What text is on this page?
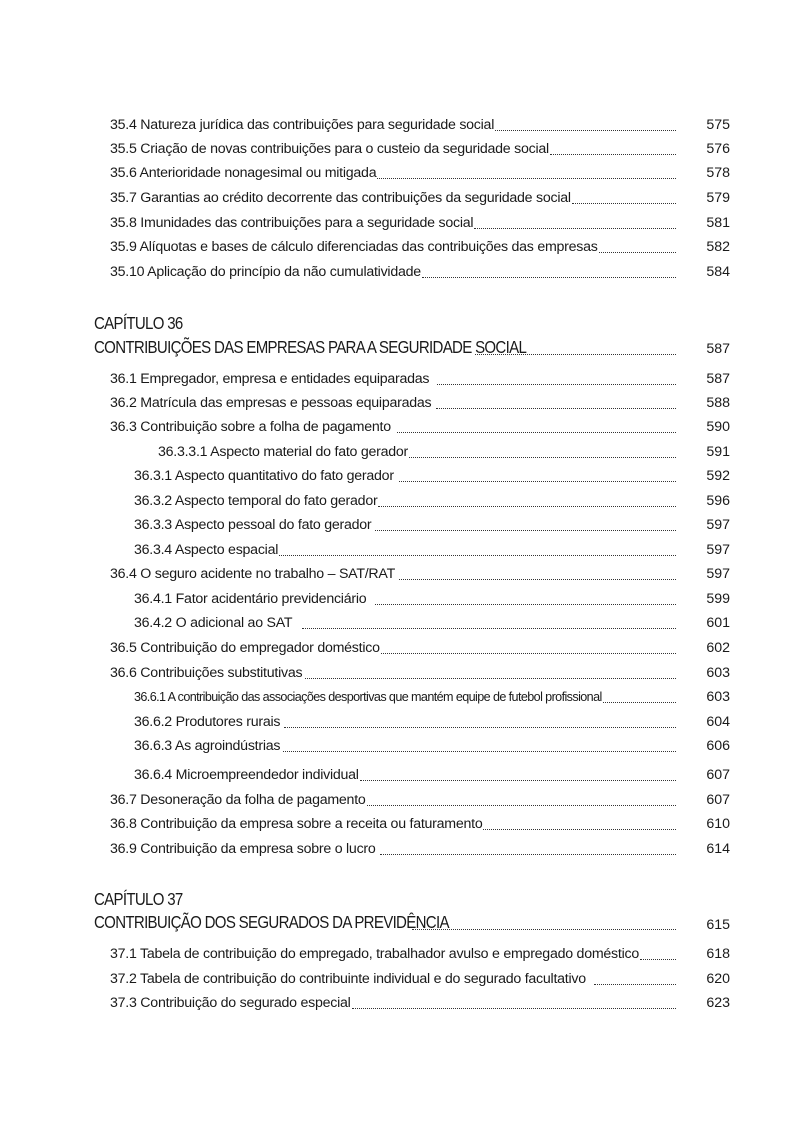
35.4 Natureza jurídica das contribuições para seguridade social	575
35.5 Criação de novas contribuições para o custeio da seguridade social	576
35.6 Anterioridade nonagesimal ou mitigada	578
35.7 Garantias ao crédito decorrente das contribuições da seguridade social	579
35.8 Imunidades das contribuições para a seguridade social	581
35.9 Alíquotas e bases de cálculo diferenciadas das contribuições das empresas	582
35.10 Aplicação do princípio da não cumulatividade	584
CAPÍTULO 36
CONTRIBUIÇÕES DAS EMPRESAS PARA A SEGURIDADE SOCIAL	587
36.1 Empregador, empresa e entidades equiparadas	587
36.2 Matrícula das empresas e pessoas equiparadas	588
36.3 Contribuição sobre a folha de pagamento	590
36.3.3.1 Aspecto material do fato gerador	591
36.3.1 Aspecto quantitativo do fato gerador	592
36.3.2 Aspecto temporal do fato gerador	596
36.3.3 Aspecto pessoal do fato gerador	597
36.3.4 Aspecto espacial	597
36.4 O seguro acidente no trabalho – SAT/RAT	597
36.4.1 Fator acidentário previdenciário	599
36.4.2 O adicional ao SAT	601
36.5 Contribuição do empregador doméstico	602
36.6 Contribuições substitutivas	603
36.6.1 A contribuição das associações desportivas que mantém equipe de futebol profissional	603
36.6.2 Produtores rurais	604
36.6.3 As agroindústrias	606
36.6.4 Microempreendedor individual	607
36.7 Desoneração da folha de pagamento	607
36.8 Contribuição da empresa sobre a receita ou faturamento	610
36.9 Contribuição da empresa sobre o lucro	614
CAPÍTULO 37
CONTRIBUIÇÃO DOS SEGURADOS DA PREVIDÊNCIA	615
37.1 Tabela de contribuição do empregado, trabalhador avulso e empregado doméstico	618
37.2 Tabela de contribuição do contribuinte individual e do segurado facultativo	620
37.3 Contribuição do segurado especial	623
